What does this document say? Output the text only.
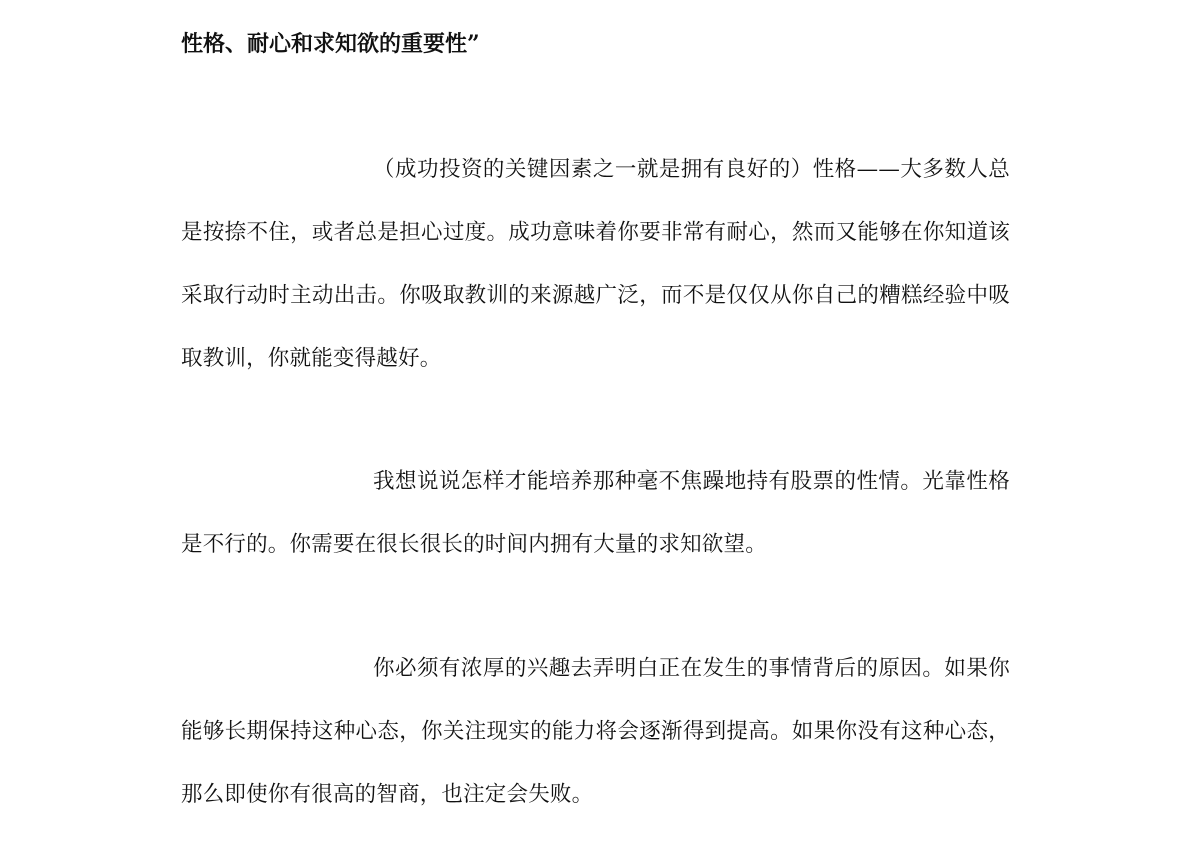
性格、耐心和求知欲的重要性”

（成功投资的关键因素之一就是拥有良好的）性格——大多数人总是按捺不住，或者总是担心过度。成功意味着你要非常有耐心，然而又能够在你知道该采取行动时主动出击。你吸取教训的来源越广泛，而不是仅仅从你自己的糟糕经验中吸取教训，你就能变得越好。

我想说说怎样才能培养那种毫不焦躁地持有股票的性情。光靠性格是不行的。你需要在很长很长的时间内拥有大量的求知欲望。

你必须有浓厚的兴趣去弄明白正在发生的事情背后的原因。如果你能够长期保持这种心态，你关注现实的能力将会逐渐得到提高。如果你没有这种心态，那么即使你有很高的智商，也注定会失败。
